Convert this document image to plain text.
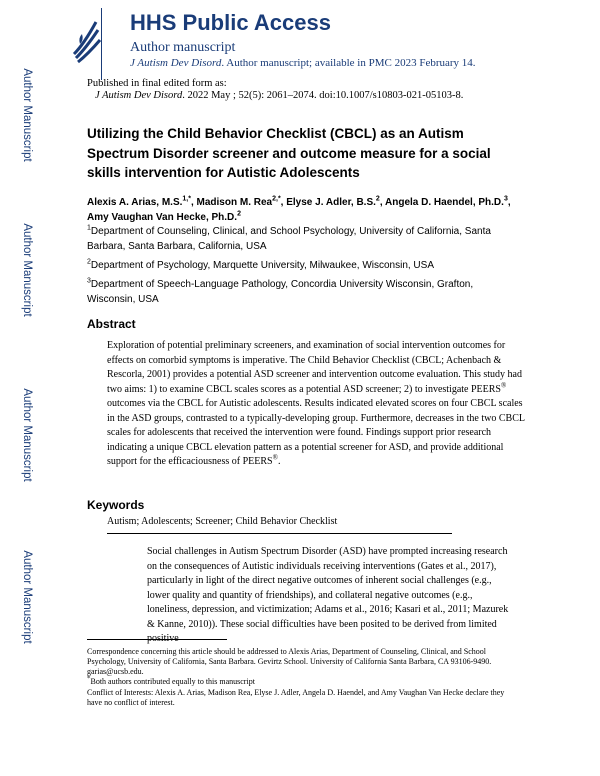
Author Manuscript
Author Manuscript
Author Manuscript
Author Manuscript
HHS Public Access
Author manuscript
J Autism Dev Disord. Author manuscript; available in PMC 2023 February 14.
Published in final edited form as:
J Autism Dev Disord. 2022 May ; 52(5): 2061–2074. doi:10.1007/s10803-021-05103-8.
Utilizing the Child Behavior Checklist (CBCL) as an Autism Spectrum Disorder screener and outcome measure for a social skills intervention for Autistic Adolescents
Alexis A. Arias, M.S.$^{1,*}$, Madison M. Rea$^{2,*}$, Elyse J. Adler, B.S.$^2$, Angela D. Haendel, Ph.D.$^3$, Amy Vaughan Van Hecke, Ph.D.$^2$
$^1$Department of Counseling, Clinical, and School Psychology, University of California, Santa Barbara, Santa Barbara, California, USA
$^2$Department of Psychology, Marquette University, Milwaukee, Wisconsin, USA
$^3$Department of Speech-Language Pathology, Concordia University Wisconsin, Grafton, Wisconsin, USA
Abstract
Exploration of potential preliminary screeners, and examination of social intervention outcomes for effects on comorbid symptoms is imperative. The Child Behavior Checklist (CBCL; Achenbach & Rescorla, 2001) provides a potential ASD screener and intervention outcome evaluation. This study had two aims: 1) to examine CBCL scales scores as a potential ASD screener; 2) to investigate PEERS® outcomes via the CBCL for Autistic adolescents. Results indicated elevated scores on four CBCL scales in the ASD groups, contrasted to a typically-developing group. Furthermore, decreases in the two CBCL scales for adolescents that received the intervention were found. Findings support prior research indicating a unique CBCL elevation pattern as a potential screener for ASD, and provide additional support for the efficaciousness of PEERS®.
Keywords
Autism; Adolescents; Screener; Child Behavior Checklist
Social challenges in Autism Spectrum Disorder (ASD) have prompted increasing research on the consequences of Autistic individuals receiving interventions (Gates et al., 2017), particularly in light of the direct negative outcomes of inherent social challenges (e.g., lower quality and quantity of friendships), and collateral negative outcomes (e.g., loneliness, depression, and victimization; Adams et al., 2016; Kasari et al., 2011; Mazurek & Kanne, 2010)). These social difficulties have been posited to be derived from limited
Correspondence concerning this article should be addressed to Alexis Arias, Department of Counseling, Clinical, and School Psychology, University of California, Santa Barbara. Gevirtz School. University of California Santa Barbara, CA 93106-9490. garias@ucsb.edu.
*Both authors contributed equally to this manuscript
Conflict of Interests: Alexis A. Arias, Madison Rea, Elyse J. Adler, Angela D. Haendel, and Amy Vaughan Van Hecke declare they have no conflict of interest.
